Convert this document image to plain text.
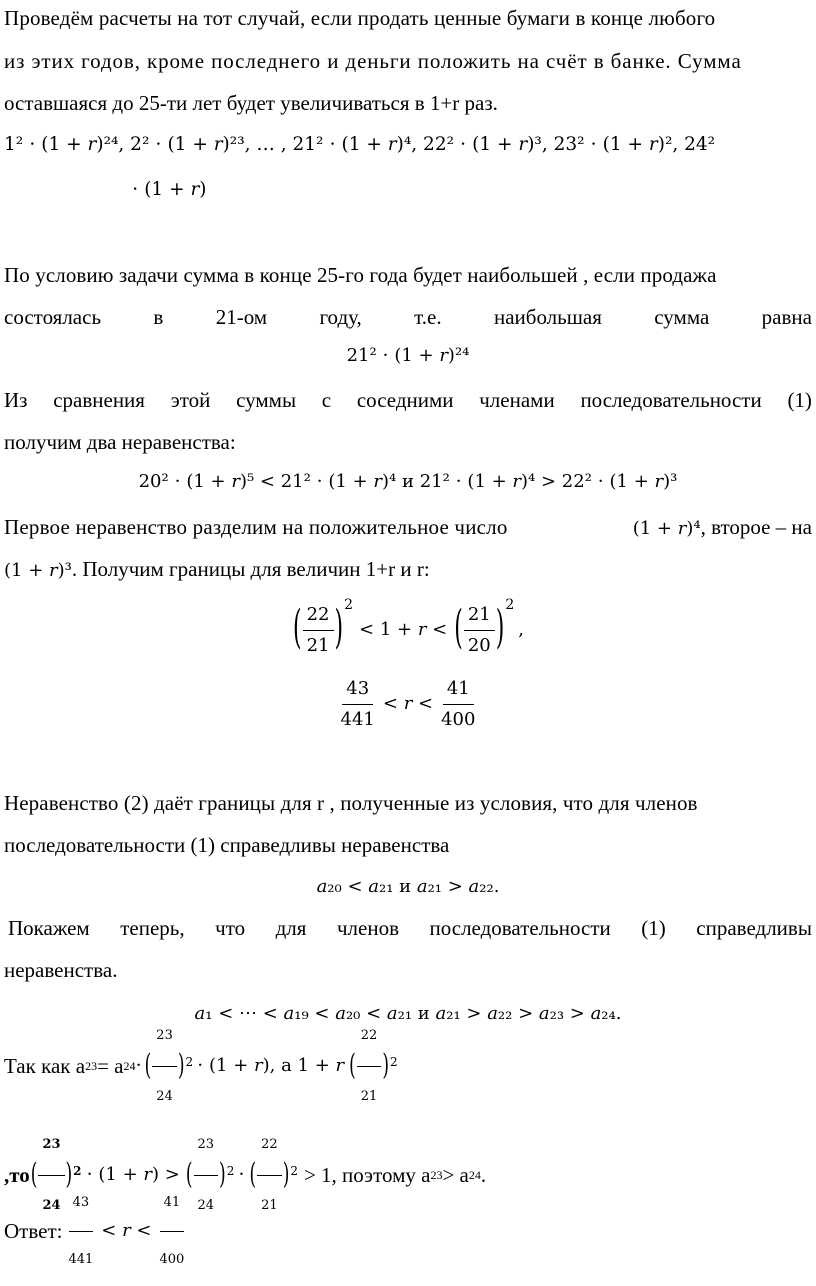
Проведём расчеты на тот случай, если продать ценные бумаги в конце любого
из этих годов, кроме последнего и деньги положить на счёт в банке. Сумма
оставшаяся до 25-ти лет будет увеличиваться в 1+r раз.
1² ⋅ (1 + 𝑟)²⁴, 2² ⋅ (1 + 𝑟)²³, … , 21² ⋅ (1 + 𝑟)⁴, 22² ⋅ (1 + 𝑟)³, 23² ⋅ (1 + 𝑟)², 24²
⋅ (1 + 𝑟)
По условию задачи сумма в конце 25-го года будет наибольшей , если продажа
состоялась в 21-ом году, т.е. наибольшая сумма равна
21² ⋅ (1 + 𝑟)²⁴
Из сравнения этой суммы с соседними членами последовательности (1)
получим два неравенства:
20² ⋅ (1 + 𝑟)⁵ < 21² ⋅ (1 + 𝑟)⁴ и 21² ⋅ (1 + 𝑟)⁴ > 22² ⋅ (1 + 𝑟)³
Первое неравенство разделим на положительное число	(1 + 𝑟)⁴, второе – на
(1 + 𝑟)³. Получим границы для величин 1+r и r:
( $\frac{22}{21}$ ) 2
< 1 + 𝑟 < ( $\frac{21}{20}$ ) 2
,
$\frac{43}{441}$ < 𝑟 < $\frac{41}{400}$
Неравенство (2) даёт границы для r , полученные из условия, что для членов
последовательности (1) справедливы неравенства
𝑎₂₀ < 𝑎₂₁ и 𝑎₂₁ > 𝑎₂₂.
Покажем теперь, что для членов последовательности (1) справедливы
неравенства.
𝑎₁ < ⋯ < 𝑎₁₉ < 𝑎₂₀ < 𝑎₂₁ и 𝑎₂₁ > 𝑎₂₂ > 𝑎₂₃ > 𝑎₂₄.
Так как a 23 = a 24 ⋅ ( $\frac{23}{24}$ ) 2 ⋅ (1 + 𝑟), а 1 + 𝑟 ( $\frac{22}{21}$ ) 2
,то ( $\frac{23}{24}$ ) 2 ⋅ (1 + 𝑟) > ( $\frac{23}{24}$ ) 2 ⋅ ( $\frac{22}{21}$ ) 2 > 1, поэтому a 23 > a 24 .
Ответ: $\frac{43}{441}$ < 𝑟 < $\frac{41}{400}$
